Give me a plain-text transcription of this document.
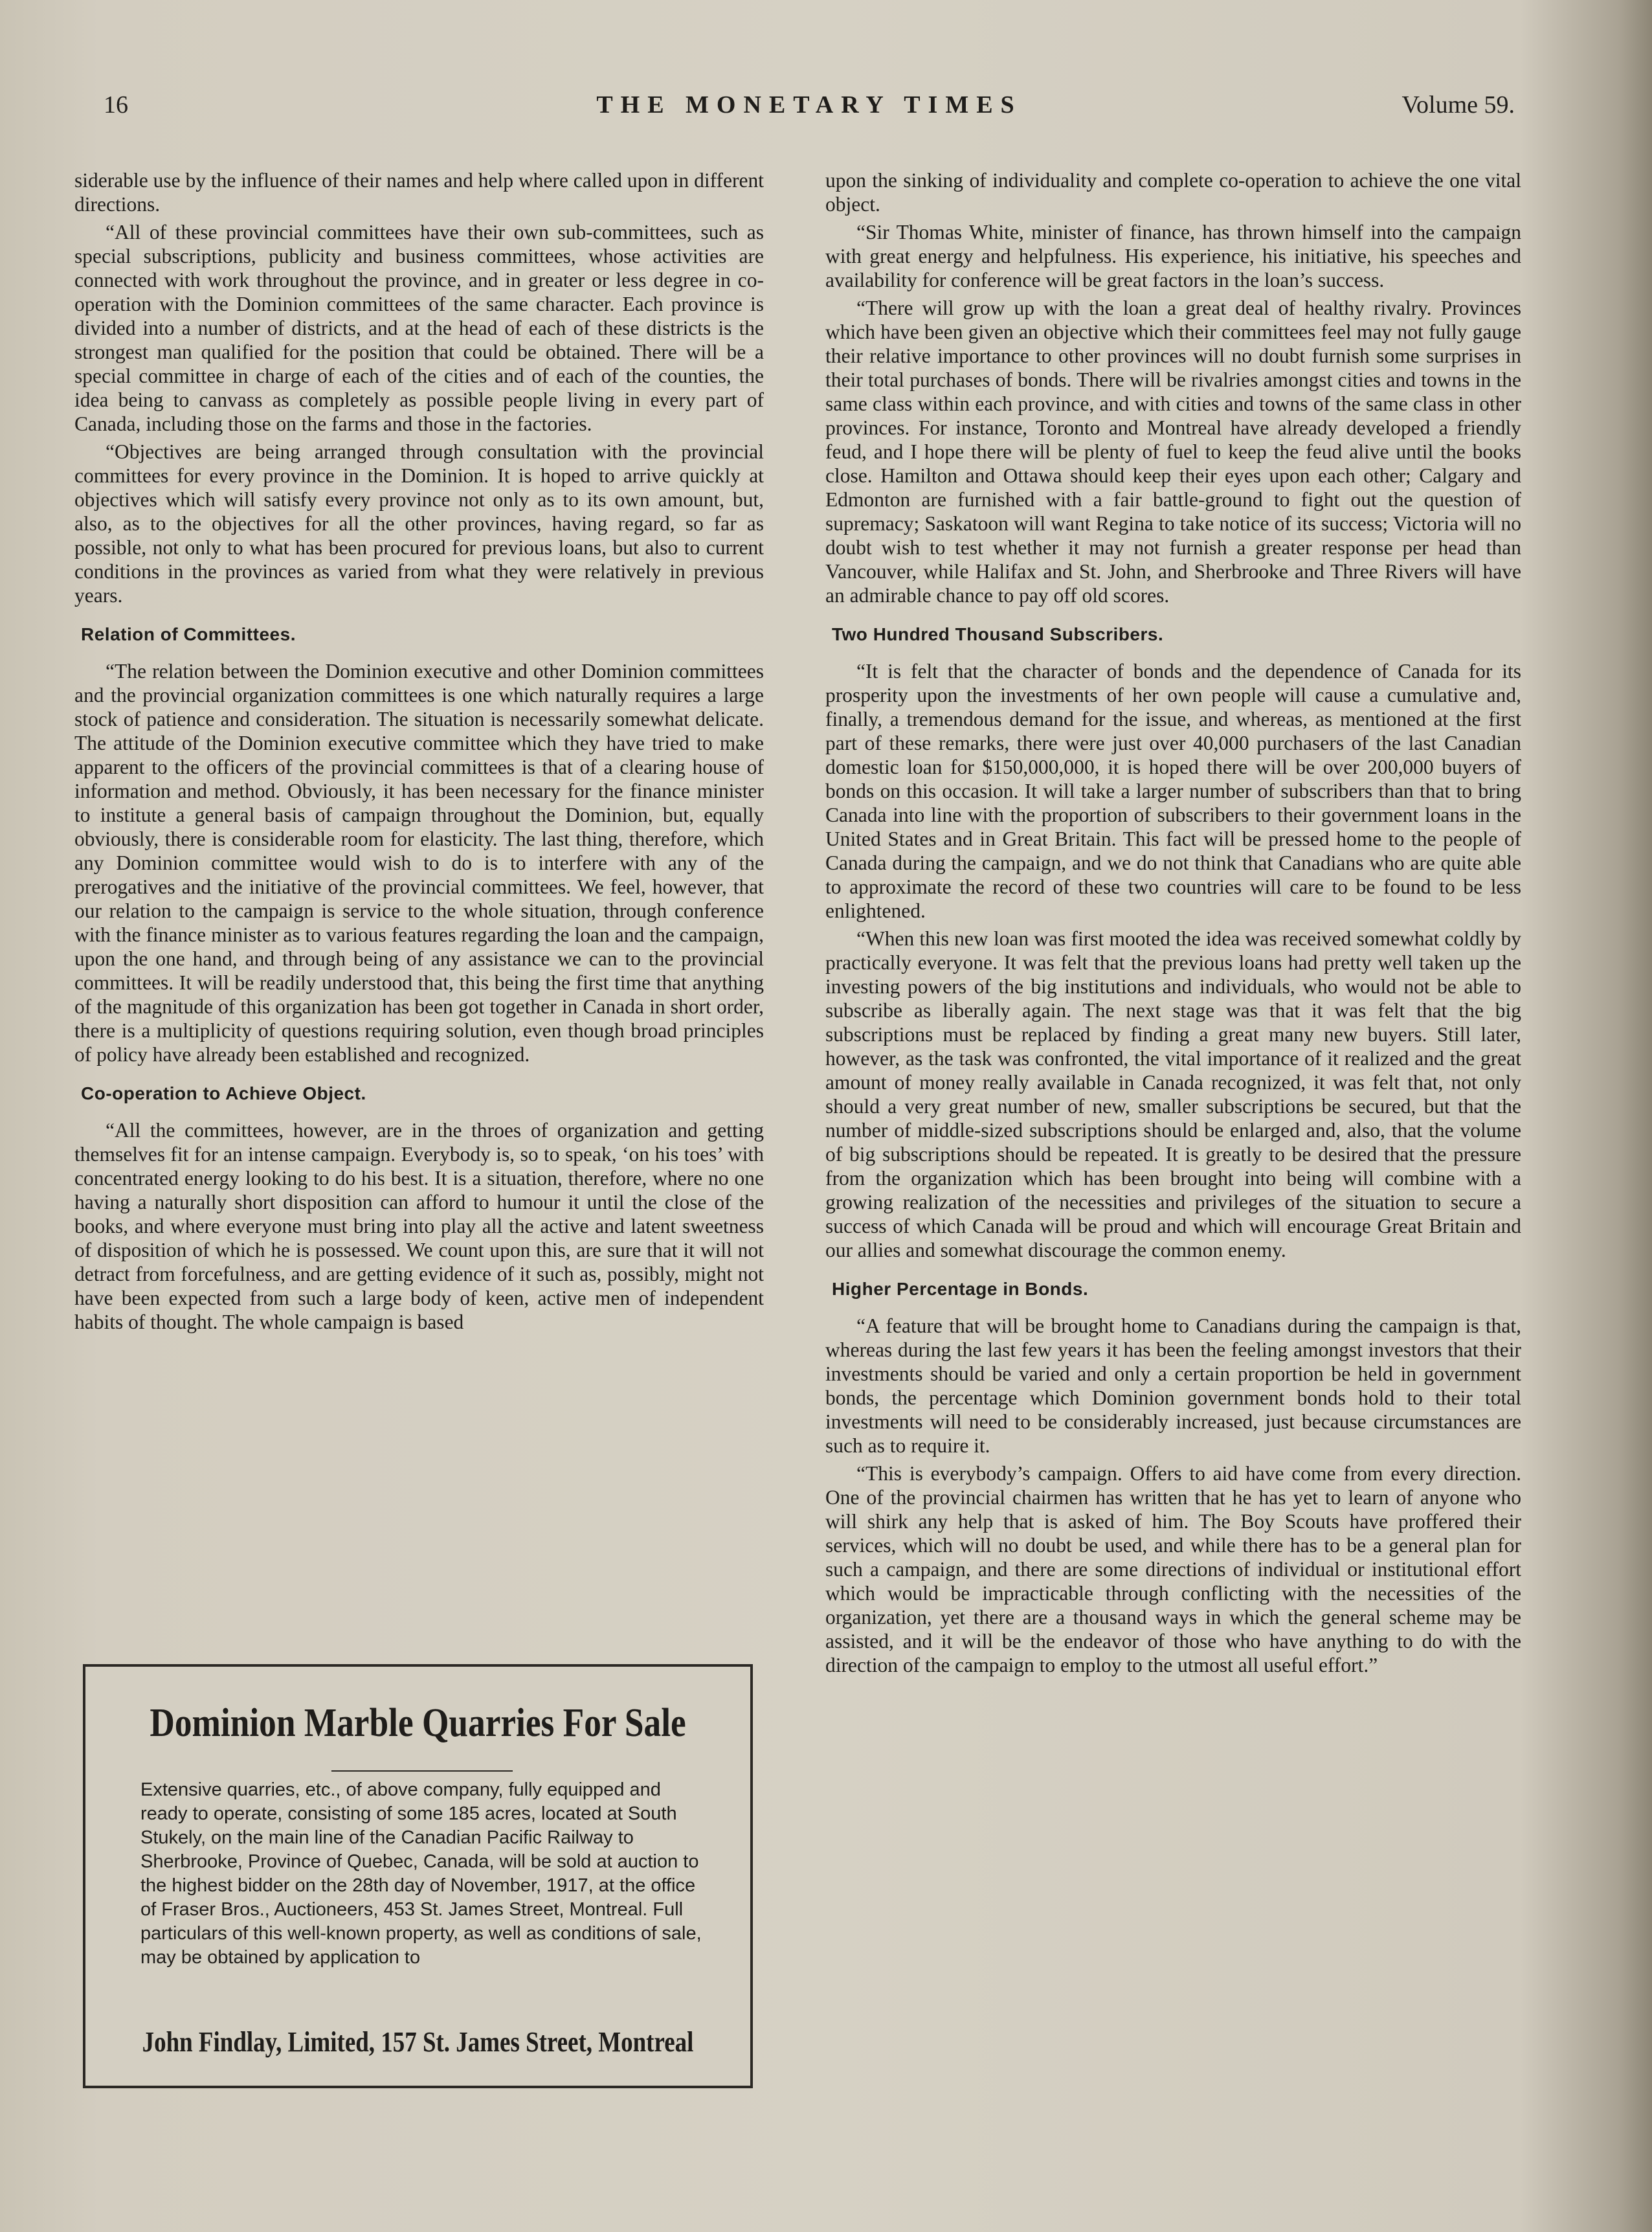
16	THE MONETARY TIMES	Volume 59.

siderable use by the influence of their names and help where called upon in different directions.

“All of these provincial committees have their own sub-committees, such as special subscriptions, publicity and business committees, whose activities are connected with work throughout the province, and in greater or less degree in co-operation with the Dominion committees of the same character. Each province is divided into a number of districts, and at the head of each of these districts is the strongest man qualified for the position that could be obtained. There will be a special committee in charge of each of the cities and of each of the counties, the idea being to canvass as completely as possible people living in every part of Canada, including those on the farms and those in the factories.

“Objectives are being arranged through consultation with the provincial committees for every province in the Dominion. It is hoped to arrive quickly at objectives which will satisfy every province not only as to its own amount, but, also, as to the objectives for all the other provinces, having regard, so far as possible, not only to what has been procured for previous loans, but also to current conditions in the provinces as varied from what they were relatively in previous years.

Relation of Committees.

“The relation between the Dominion executive and other Dominion committees and the provincial organization committees is one which naturally requires a large stock of patience and consideration. The situation is necessarily somewhat delicate. The attitude of the Dominion executive committee which they have tried to make apparent to the officers of the provincial committees is that of a clearing house of information and method. Obviously, it has been necessary for the finance minister to institute a general basis of campaign throughout the Dominion, but, equally obviously, there is considerable room for elasticity. The last thing, therefore, which any Dominion committee would wish to do is to interfere with any of the prerogatives and the initiative of the provincial committees. We feel, however, that our relation to the campaign is service to the whole situation, through conference with the finance minister as to various features regarding the loan and the campaign, upon the one hand, and through being of any assistance we can to the provincial committees. It will be readily understood that, this being the first time that anything of the magnitude of this organization has been got together in Canada in short order, there is a multiplicity of questions requiring solution, even though broad principles of policy have already been established and recognized.

Co-operation to Achieve Object.

“All the committees, however, are in the throes of organization and getting themselves fit for an intense campaign. Everybody is, so to speak, ‘on his toes’ with concentrated energy looking to do his best. It is a situation, therefore, where no one having a naturally short disposition can afford to humour it until the close of the books, and where everyone must bring into play all the active and latent sweetness of disposition of which he is possessed. We count upon this, are sure that it will not detract from forcefulness, and are getting evidence of it such as, possibly, might not have been expected from such a large body of keen, active men of independent habits of thought. The whole campaign is based

Dominion Marble Quarries For Sale
Extensive quarries, etc., of above company, fully equipped and ready to operate, consisting of some 185 acres, located at South Stukely, on the main line of the Canadian Pacific Railway to Sherbrooke, Province of Quebec, Canada, will be sold at auction to the highest bidder on the 28th day of November, 1917, at the office of Fraser Bros., Auctioneers, 453 St. James Street, Montreal. Full particulars of this well-known property, as well as conditions of sale, may be obtained by application to
John Findlay, Limited, 157 St. James Street, Montreal

upon the sinking of individuality and complete co-operation to achieve the one vital object.

“Sir Thomas White, minister of finance, has thrown himself into the campaign with great energy and helpfulness. His experience, his initiative, his speeches and availability for conference will be great factors in the loan’s success.

“There will grow up with the loan a great deal of healthy rivalry. Provinces which have been given an objective which their committees feel may not fully gauge their relative importance to other provinces will no doubt furnish some surprises in their total purchases of bonds. There will be rivalries amongst cities and towns in the same class within each province, and with cities and towns of the same class in other provinces. For instance, Toronto and Montreal have already developed a friendly feud, and I hope there will be plenty of fuel to keep the feud alive until the books close. Hamilton and Ottawa should keep their eyes upon each other; Calgary and Edmonton are furnished with a fair battle-ground to fight out the question of supremacy; Saskatoon will want Regina to take notice of its success; Victoria will no doubt wish to test whether it may not furnish a greater response per head than Vancouver, while Halifax and St. John, and Sherbrooke and Three Rivers will have an admirable chance to pay off old scores.

Two Hundred Thousand Subscribers.

“It is felt that the character of bonds and the dependence of Canada for its prosperity upon the investments of her own people will cause a cumulative and, finally, a tremendous demand for the issue, and whereas, as mentioned at the first part of these remarks, there were just over 40,000 purchasers of the last Canadian domestic loan for $150,000,000, it is hoped there will be over 200,000 buyers of bonds on this occasion. It will take a larger number of subscribers than that to bring Canada into line with the proportion of subscribers to their government loans in the United States and in Great Britain. This fact will be pressed home to the people of Canada during the campaign, and we do not think that Canadians who are quite able to approximate the record of these two countries will care to be found to be less enlightened.

“When this new loan was first mooted the idea was received somewhat coldly by practically everyone. It was felt that the previous loans had pretty well taken up the investing powers of the big institutions and individuals, who would not be able to subscribe as liberally again. The next stage was that it was felt that the big subscriptions must be replaced by finding a great many new buyers. Still later, however, as the task was confronted, the vital importance of it realized and the great amount of money really available in Canada recognized, it was felt that, not only should a very great number of new, smaller subscriptions be secured, but that the number of middle-sized subscriptions should be enlarged and, also, that the volume of big subscriptions should be repeated. It is greatly to be desired that the pressure from the organization which has been brought into being will combine with a growing realization of the necessities and privileges of the situation to secure a success of which Canada will be proud and which will encourage Great Britain and our allies and somewhat discourage the common enemy.

Higher Percentage in Bonds.

“A feature that will be brought home to Canadians during the campaign is that, whereas during the last few years it has been the feeling amongst investors that their investments should be varied and only a certain proportion be held in government bonds, the percentage which Dominion government bonds hold to their total investments will need to be considerably increased, just because circumstances are such as to require it.

“This is everybody’s campaign. Offers to aid have come from every direction. One of the provincial chairmen has written that he has yet to learn of anyone who will shirk any help that is asked of him. The Boy Scouts have proffered their services, which will no doubt be used, and while there has to be a general plan for such a campaign, and there are some directions of individual or institutional effort which would be impracticable through conflicting with the necessities of the organization, yet there are a thousand ways in which the general scheme may be assisted, and it will be the endeavor of those who have anything to do with the direction of the campaign to employ to the utmost all useful effort.”
